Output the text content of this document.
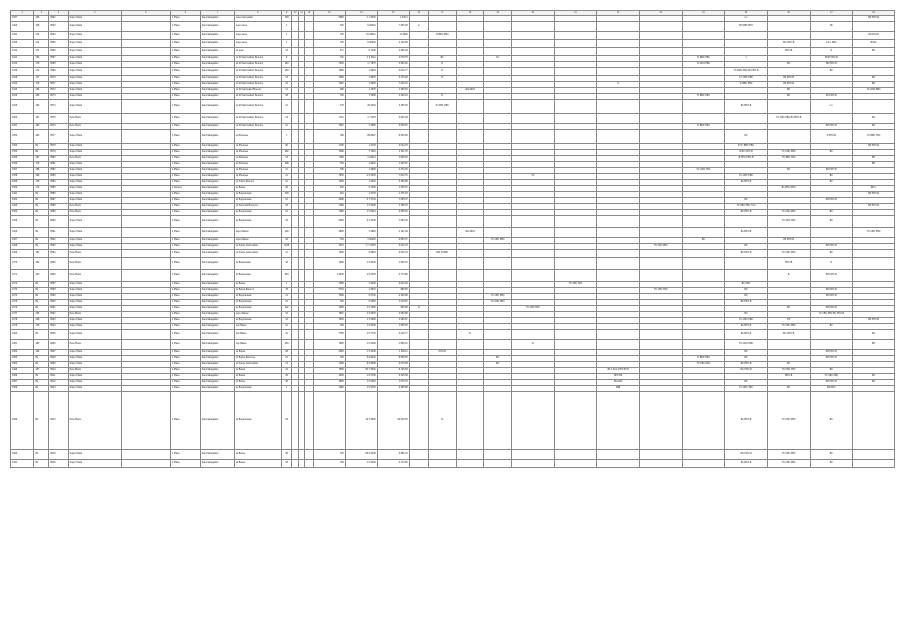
1	2	3	4	5	6	7	8	9	10	11	12	13	14	15	16	17	18	19	20	21	22	23	24	25	26	27	28
1357	166	8562	Super Plaza		1 Plaza	Sammabagation	super Gamyadel	193				5985	1 1 5030	1 345.4										n.c.			B6 PPO-B
1303	198	8563	Super Plaza		1 Plaza	Sammabagation	super area	1				790	6 90034	7 955.38	ж									86 5383 PPO		Nh	
1364	115	8564	Super Plaza		1 Plaza	Sammabagation	super area	7				795	81 908cs	11 2849		Tc.BBC PBC											Bs PPO-B
1366	114	8565	Super Plaza		1 Plaza	Sammabagation	super area	7				795	6 50633	2 145.99											BG PPO-B	1A C FBC	Bt BC
1342	171	8566	Super Plaza		1 Plaza	Sammabagation	ss area	13				571	5 7048	1 285.39											PPO-B	N	BC
1341	150	8567	Super Plaza		1 Plaza	Sammabagation	ss 99 Sammabad. Boreurs	8				702	4 9 PGA	4 078.75		BC		CC					Tc.BBC PBC	n		BOP PPO-B	
1340	178	8568	Super Plaza		1 Plaza	Sammabagation	ss 99 Sammabad. Boreurs	183				7005	1 7 6PH	6 650.20		R							Tc.2461 PBC		BC	B6 PPO-B	
1339	174	8569	Super Plaza		1 Plaza	Sammabagation	ss 99 Sammabad. Boreurs	183				7985	1 9834	2 042.77		R								TC BRC PBC 86 PPO-B		BC	
1348	177	8570	Super Plaza		1 Plaza	Sammabagation	ss 99 Sammabad. Boreurs	13				7985	1 9875	2 479.28		R								TC CBC PBC	B6 PPO-B		BC
1343	178	8571	Super Plaza		1 Plaza	Sammabagation	ss 99 Sammabad. Boreurs	31				7087	1 5993	7 039.23							N			Tc.BBC PBC	B6 PPO-B		BC
1344	166	8572	Super Plaza		1 Plaza	Sammabagation	ss 99 Gamyadel Boreurs	11				288	1 3678	1 280.53			30a 9003								BC		TC 2061 BBC
1346	188	8573	Super Plaza		1 Plaza	Sammabagation	ss 99 Sammabad. Boreurs	28				796	1 5658	2 409.23		R							Tc.BBC PBC		BC	Bs PPO-B	
1348	196	8574	Super Plaza		1 Plaza	Sammabagation	ss 99 Sammabad. Boreurs	21				178	25 2043	3 455.35		Tc.2051 PBC								Bs PPO-B		n.c.	
1350	187	8575	Pera Plaza		1 Plaza	Sammabagation	ss 99 Sammabad. Boreurs	13				1791	1 7 6PH	3 050.38											TC CBC PBC B6 PPO-B		BC
1351	189	8576	Pera Plaza		1 Plaza	Sammabagation	ss 99 Sammabad. Boreurs	11				7997	1 5995	2 505.87									Tc.BBC PBC			B6 PPO-B	BC
1352	166	8577	Super Plaza		1 Plaza	Sammabagation	ss 8Sesoea	1				788	89 8627	8 256.95										BC		6 PPO-B	TC BBC TBC
1353	Bs	8578	Super Plaza		1 Plaza	Sammabagation	ss 8Sesoea	66				1795	1 3728	2 034.79										B TC BBC PBC			B6 PPO-B
1354	Bs	8579	Super Plaza		1 Plaza	Sammabagation	ss 8Sesoea	182				7698	1 7016	2 011.78										B BC PPO-B	TC CBC PBC	BC	
1355	187	8580	Pera Plaza		1 Plaza	Sammabagation	ss 8Sesoea	13				7186	1 18014	4 069.53										B PPO-PPO-B	TC BBC TBC		BP
1356	178	8581	Super Plaza		1 Plaza	Sammabagation	ss 8Sesoea	288				784	1 8031	1 994.57													BP
1357	188	8582	Super Plaza		1 Plaza	Sammabagation	ss 8Sesoea	21				795	1 9828	2 370.26									TC 2461 TBC		BC	B6 PPO-B	
1358	198	8583	Super Plaza		1 Plaza	Sammabagation	ss 8Sesoea	21				7953	4 5 5078	7 812.76					TC					TC CBC PBC		BC	
1359	178	8584	Super Plaza		1 Plaza	Sammabagation	ss Pasoe Boreurs	11				7905	1 2934	2 485.88										Bs PPO-B		BC	
1360	170	8585	Super Plaza		1 Sunsea	Sammabagation	ss Basse	28				445	5 1548	1 035.37											Bs PPO-PPO		B6 C
1361	Bs	8586	Super Plaza		1 Plaza	Sammabagation	ss Baypraosaw	328				264	1 6703	1 375.03													B6 PPO-B
1362	Bs	8587	Super Plaza		1 Plaza	Sammabagation	ss Baypraosaw	61				2008	5 7 2733	7 055.37										BC		B6 PPO-B	
1363	Bs	8588	Pera Plaza		1 Plaza	Sammabagation	ss Sammab Boreuroe	33				7286	1 5 6028	4 158.70										TC PBC PBC TCA			B6 PPO-B
1364	Bs	8589	Pera Plaza		1 Plaza	Sammabagation	ss Baypraosaw	21				7285	1 5 8014	3 055.81										B6 PPO-B	TC CBC PBC	BC	
1365	Bs	8590	Super Plaza		1 Plaza	Sammabagation	ss Baypraosaw	33				2085	5 4 6338	7 583.39											TC CBC TBC	BC	
1366	Bs	8591	Super Plaza		1 Plaza	Sammabagation	super Basse	128				2805	1 9818	4 121.68			30e 2003							Bs PPO-B			TC CBC PBC
1367	Bs	8592	Super Plaza		1 Plaza	Sammabagation	super Basse	33				784	1 80240	6 893.37				TC CBC PBC					BC		B6 PPO-B		
1368	Bs	8593	Super Plaza		1 Plaza	Sammabagation	ss Pasoe Sammabad	1628				7972	1 7 1 6PH	2 004.73								TC CBC PBC		BC		B6 PPO-B	
1369	182	8594	Pera Plaza		1 Plaza	Sammabagation	ss Pasoe Sammabad	11				7098	6 9818	5 009.79		290 Tc BBC								B6 PPO-B	TC CBC PBC	BC	
1370	182	8595	Pera Plaza		1 Plaza	Sammabagation	ss Basseosaw	18				7996	1 9 8240	1 605.10											PPO-B	N	
1371	182	8596	Pera Plaza		1 Plaza	Sammabagation	ss Basseosaw	284				1 9905	1 8 0078	3 770.68											B	B6 PPO-B	
1372	Bs	8597	Super Plaza		1 Plaza	Sammabagation	ss Basse	1				7985	1 6028	3 023.48						TC CBC TBC				BC PBC			
1373	Bs	8598	Super Plaza		1 Plaza	Sammabagation	ss Basse Boreurs	78				8794	1 5518	889.55								TC CBC TBC		BC		B6 PPO-B	
1374	Bs	8599	Super Plaza		1 Plaza	Sammabagation	ss Baypraosaw	21				7098	6 8740	2 448.98				TC CBC PBC						BC		B6 PPO-B	
1375	Bs	8600	Super Plaza		1 Plaza	Sammabagation	ss Baypraosaw	21				796	5 0953	4 018.97				TC 2461 PBC						B6 PPO-B			
1376	Bs	8601	Super Plaza		1 Plaza	Sammabagation	ss Baypraosaw	112				7995	1 5 1065	960.68	R				TC CBC TBC						BC	B6 PPO-B	
1377	166	8602	Pera Plaza		1 Plaza	Sammabagation	super Basse	13				7897	1 9 5078	2 080.88										BC		TC CBC PBC BC PPO-B	
1378	198	8603	Super Plaza		1 Plaza	Sammabagation	ss Baypraosaw	13				7953	1 3 5080	2 080.57										TC CBC PBC	PP		B6 PPO-B
1379	178	8604	Super Plaza		1 Plaza	Sammabagation	sup Basse	11				789	1 9 5248	1 555.55										Bs PPO-B	TC CBC PBC	BC	
1380	Bs	8605	Super Plaza		1 Plaza	Sammabagation	sup Basse	31				7785	1 8 7733	2 448.77			R							Bs PPO-B	BG PPO-B		BC
1381	182	8606	Pera Plaza		1 Plaza	Sammabagation	sup Basse	466				7995	1 6 0448	1 865.10					R					TC 2461 PBC			BP
1382	166	8607	Super Plaza		1 Plaza	Sammabagation	ss Basse	28				2085	1 5 6448	1 095.11		PPO-B								BC		B6 PPO-B	
1383	Bs	8608	Super Plaza		1 Plaza	Sammabagation	ss Basse Boreuroe	21				798	6 9 8240	8 085.55				BC					Tc.BBC PBC	BC		B6 PPO-B	
1384	Bs	8609	Super Plaza		1 Plaza	Sammabagation	ss Pasoe Sammabad	13				7098	5 9 8538	6 078.38				BC					TC CBC PBC	B6 PPO-B	BC		
1385	187	8610	Pera Plaza		1 Plaza	Sammabagation	ss Basse	31				7586	80 7 8046	8 125.83							B6 1 9CC PPO B6 B			BG PPO-B	TC CBC TBC	BC	
1386	Bs	8611	Super Plaza		1 Plaza	Sammabagation	ss Basse	26				4508	1 8 0728	5 445.38							8PO B6				BPO-B	TC CBC PBC	BC
1387	Bs	8612	Super Plaza		1 Plaza	Sammabagation	ss Basse	48				3895	1 5 0018	1 075.79							Bss 8b3			BC		B6 PPO-B	BC
1388	Bs	8613	Super Plaza		1 Plaza	Sammabagation	ss Baypraosaw	1				2080	1 6 9750	3 486.88							4BB			TC CBC TBC	BC	B6 PPO	
1389	Bs	8614	Pera Plaza		1 Plaza	Sammabagation	ss Baypraosaw	18					10 3 0830	20 449.55		R								Bs PPO-B	TC CBC PBC	BC	
1390	Bs	8615	Super Plaza		1 Plaza	Sammabagation	ss Basse	98				795	89 9 5248	6 889.70										BG PPO-B	TC CBC PBC	BC	
1391	Bs	8616	Super Plaza		1 Plaza	Sammabagation	ss Basse	18				796	1 9 5248	2 479.55										Bs PPO-B	TC CBC PBC	BC	
